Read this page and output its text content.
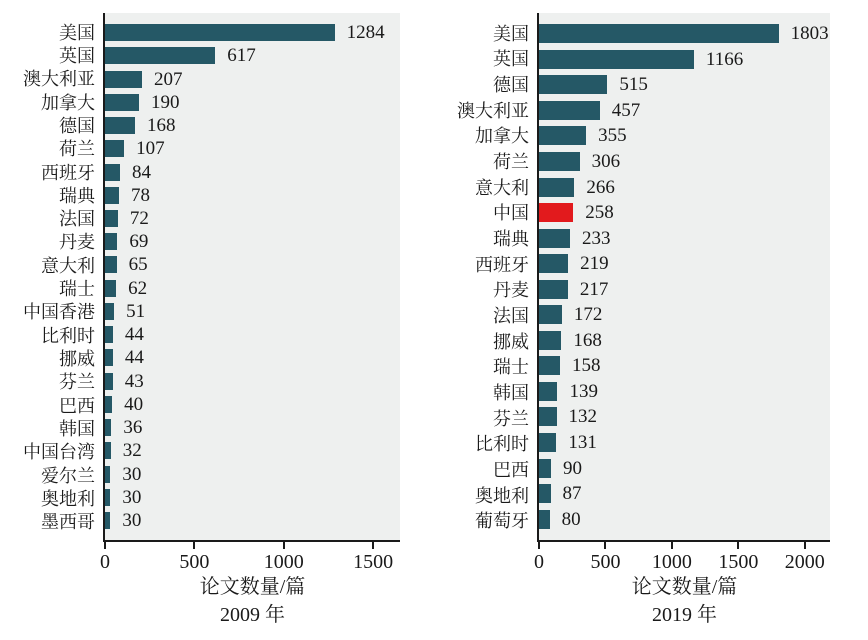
美国
英国
澳大利亚
加拿大
德国
荷兰
西班牙
瑞典
法国
丹麦
意大利
瑞士
中国香港
比利时
挪威
芬兰
巴西
韩国
中国台湾
爱尔兰
奥地利
墨西哥
1284
617
207
190
168
107
84
78
72
69
65
62
51
44
44
43
40
36
32
30
30
30
0	500	1000 1500
论文数量/篇
2009 年
美国
英国
德国
澳大利亚
加拿大
荷兰
意大利
中国
瑞典
西班牙
丹麦
法国
挪威
瑞士
韩国
芬兰
比利时
巴西
奥地利
葡萄牙
1803
1166
515
457
355
306
266
258
233
219
217
172
168
158
139
132
131
90
87
80
0 500 1000 1500 2000
论文数量/篇
2019 年
